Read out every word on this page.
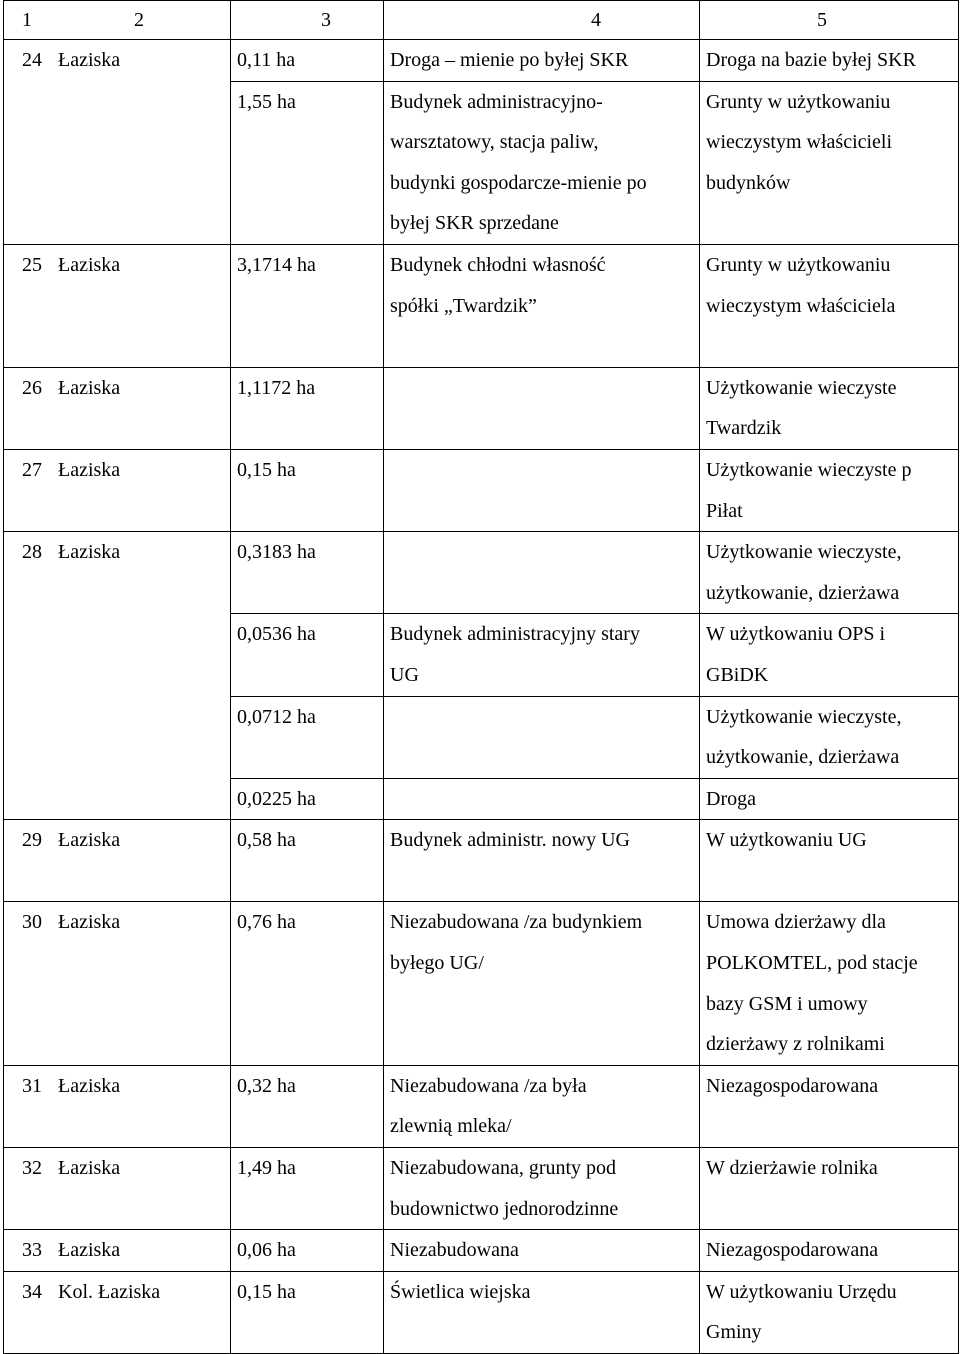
1 2	3	4	5

24 Łaziska	0,11 ha	Droga – mienie po byłej SKR	Droga na bazie byłej SKR

	1,55 ha	Budynek administracyjno-
warsztatowy, stacja paliw,
budynki gospodarcze-mienie po
byłej SKR sprzedane	Grunty w użytkowaniu
wieczystym właścicieli
budynków

25 Łaziska	3,1714 ha	Budynek chłodni własność
spółki „Twardzik”	Grunty w użytkowaniu
wieczystym właściciela

26 Łaziska	1,1172 ha		Użytkowanie wieczyste
Twardzik

27 Łaziska	0,15 ha		Użytkowanie wieczyste p
Piłat

28 Łaziska	0,3183 ha		Użytkowanie wieczyste,
użytkowanie, dzierżawa

	0,0536 ha	Budynek administracyjny stary
UG	W użytkowaniu OPS i
GBiDK

	0,0712 ha		Użytkowanie wieczyste,
użytkowanie, dzierżawa

	0,0225 ha		Droga

29 Łaziska	0,58 ha	Budynek administr. nowy UG	W użytkowaniu UG

30 Łaziska	0,76 ha	Niezabudowana /za budynkiem
byłego UG/	Umowa dzierżawy dla
POLKOMTEL, pod stacje
bazy GSM i umowy
dzierżawy z rolnikami

31 Łaziska	0,32 ha	Niezabudowana /za była
zlewnią mleka/	Niezagospodarowana

32 Łaziska	1,49 ha	Niezabudowana, grunty pod
budownictwo jednorodzinne	W dzierżawie rolnika

33 Łaziska	0,06 ha	Niezabudowana	Niezagospodarowana

34 Kol. Łaziska	0,15 ha	Świetlica wiejska	W użytkowaniu Urzędu
Gminy
